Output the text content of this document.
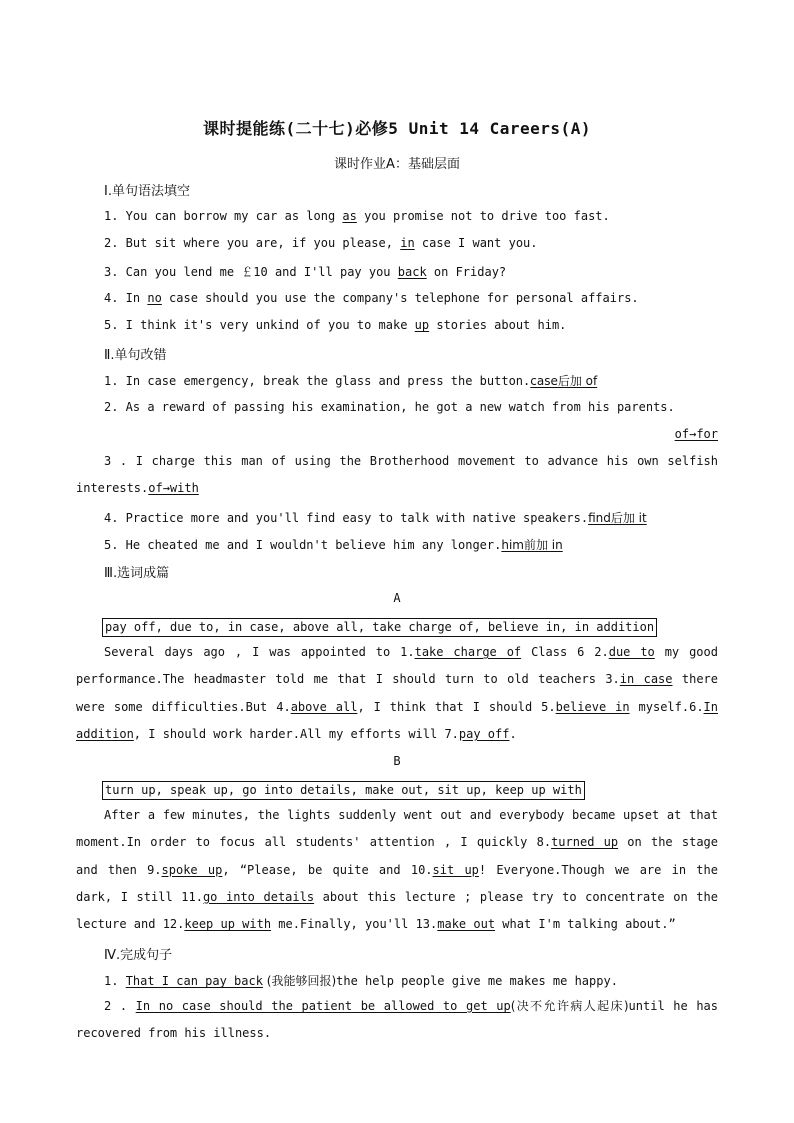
课时提能练(二十七)必修5 Unit 14 Careers(A)
课时作业A：基础层面
Ⅰ.单句语法填空
1. You can borrow my car as long as you promise not to drive too fast.
2. But sit where you are, if you please, in case I want you.
3. Can you lend me ￡10 and I'll pay you back on Friday?
4. In no case should you use the company's telephone for personal affairs.
5. I think it's very unkind of you to make up stories about him.
Ⅱ.单句改错
1. In case emergency, break the glass and press the button.case后加 of
2. As a reward of passing his examination, he got a new watch from his parents.
of→for
3 . I charge this man of using the Brotherhood movement to advance his own selfish interests.of→with
4. Practice more and you'll find easy to talk with native speakers.find后加 it
5. He cheated me and I wouldn't believe him any longer.him前加 in
Ⅲ.选词成篇
A
pay off, due to, in case, above all, take charge of, believe in, in addition
Several days ago , I was appointed to 1.take charge of Class 6 2.due to my good performance.The headmaster told me that I should turn to old teachers 3.in case there were some difficulties.But 4.above all, I think that I should 5.believe in myself.6.In addition, I should work harder.All my efforts will 7.pay off.
B
turn up, speak up, go into details, make out, sit up, keep up with
After a few minutes, the lights suddenly went out and everybody became upset at that moment.In order to focus all students' attention , I quickly 8.turned up on the stage and then 9.spoke up, “Please, be quite and 10.sit up! Everyone.Though we are in the dark, I still 11.go into details about this lecture ; please try to concentrate on the lecture and 12.keep up with me.Finally, you'll 13.make out what I'm talking about.”
Ⅳ.完成句子
1. That I can pay back (我能够回报)the help people give me makes me happy.
2 . In no case should the patient be allowed to get up(决不允许病人起床)until he has recovered from his illness.
